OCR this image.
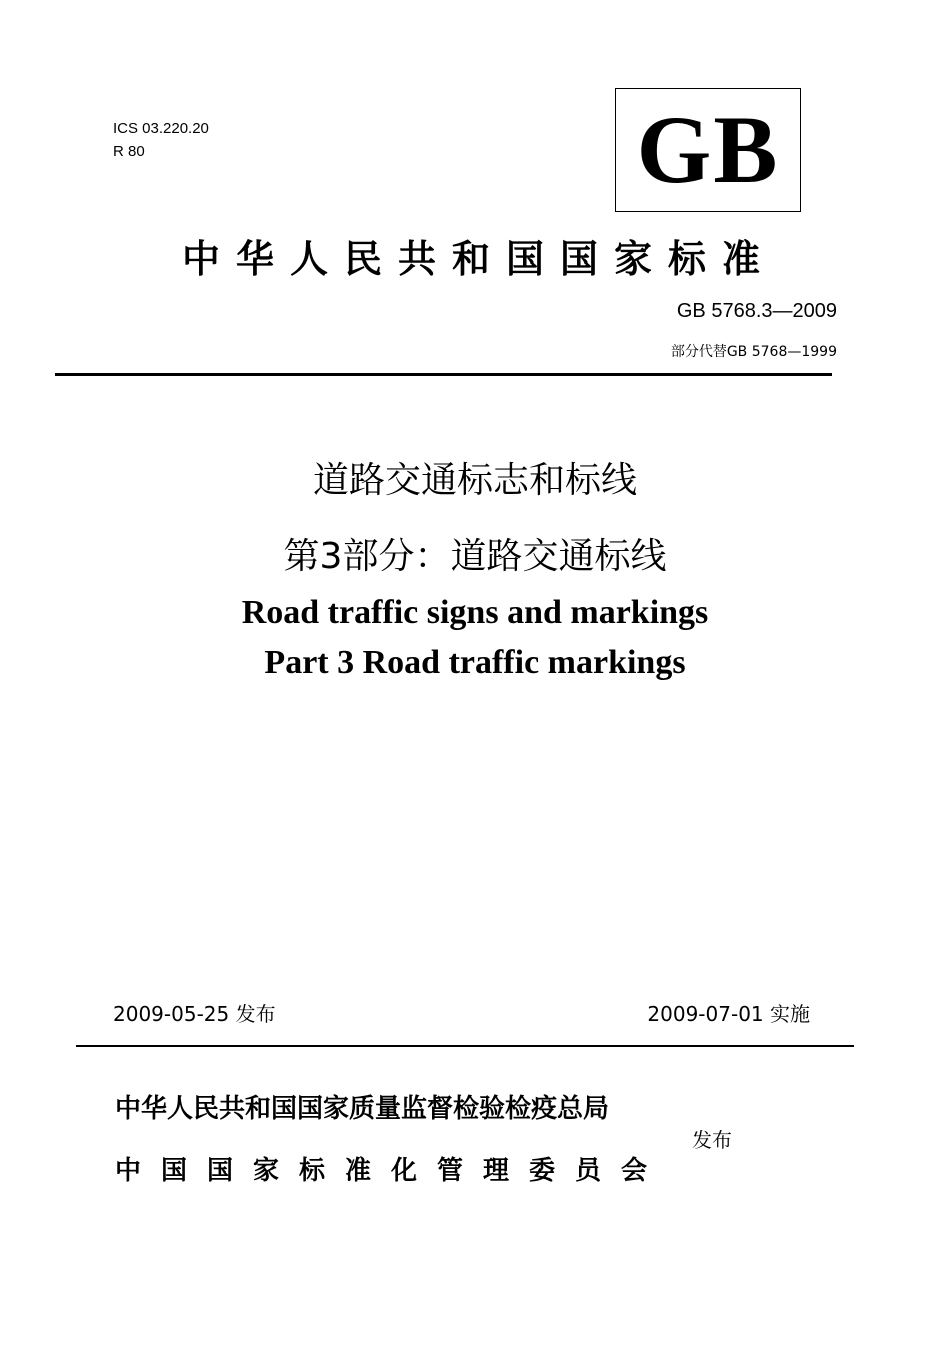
ICS 03.220.20
R 80	GB
中华人民共和国国家标准
GB 5768.3—2009
部分代替GB 5768—1999
道路交通标志和标线
第3部分：道路交通标线
Road traffic signs and markings
Part 3 Road traffic markings
2009-05-25 发布	2009-07-01 实施
中华人民共和国国家质量监督检验检疫总局
中国国家标准化管理委员会
发布
